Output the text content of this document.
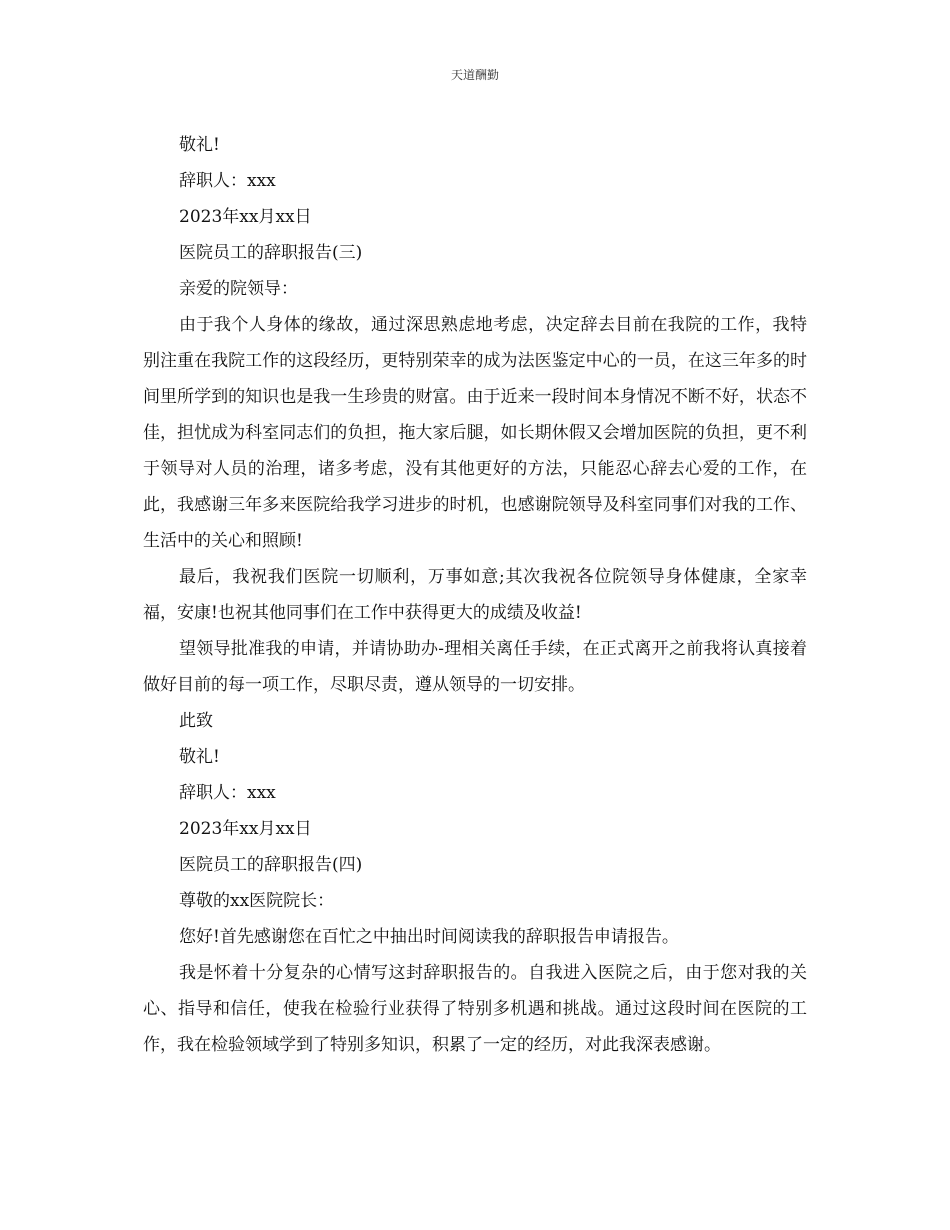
天道酬勤

敬礼!

辞职人：xxx

2023年xx月xx日

医院员工的辞职报告(三)

亲爱的院领导：

由于我个人身体的缘故，通过深思熟虑地考虑，决定辞去目前在我院的工作，我特别注重在我院工作的这段经历，更特别荣幸的成为法医鉴定中心的一员，在这三年多的时间里所学到的知识也是我一生珍贵的财富。由于近来一段时间本身情况不断不好，状态不佳，担忧成为科室同志们的负担，拖大家后腿，如长期休假又会增加医院的负担，更不利于领导对人员的治理，诸多考虑，没有其他更好的方法，只能忍心辞去心爱的工作，在此，我感谢三年多来医院给我学习进步的时机，也感谢院领导及科室同事们对我的工作、生活中的关心和照顾!

最后，我祝我们医院一切顺利，万事如意;其次我祝各位院领导身体健康，全家幸福，安康!也祝其他同事们在工作中获得更大的成绩及收益!

望领导批准我的申请，并请协助办-理相关离任手续，在正式离开之前我将认真接着做好目前的每一项工作，尽职尽责，遵从领导的一切安排。

此致

敬礼!

辞职人：xxx

2023年xx月xx日

医院员工的辞职报告(四)

尊敬的xx医院院长：

您好!首先感谢您在百忙之中抽出时间阅读我的辞职报告申请报告。

我是怀着十分复杂的心情写这封辞职报告的。自我进入医院之后，由于您对我的关心、指导和信任，使我在检验行业获得了特别多机遇和挑战。通过这段时间在医院的工作，我在检验领域学到了特别多知识，积累了一定的经历，对此我深表感谢。
